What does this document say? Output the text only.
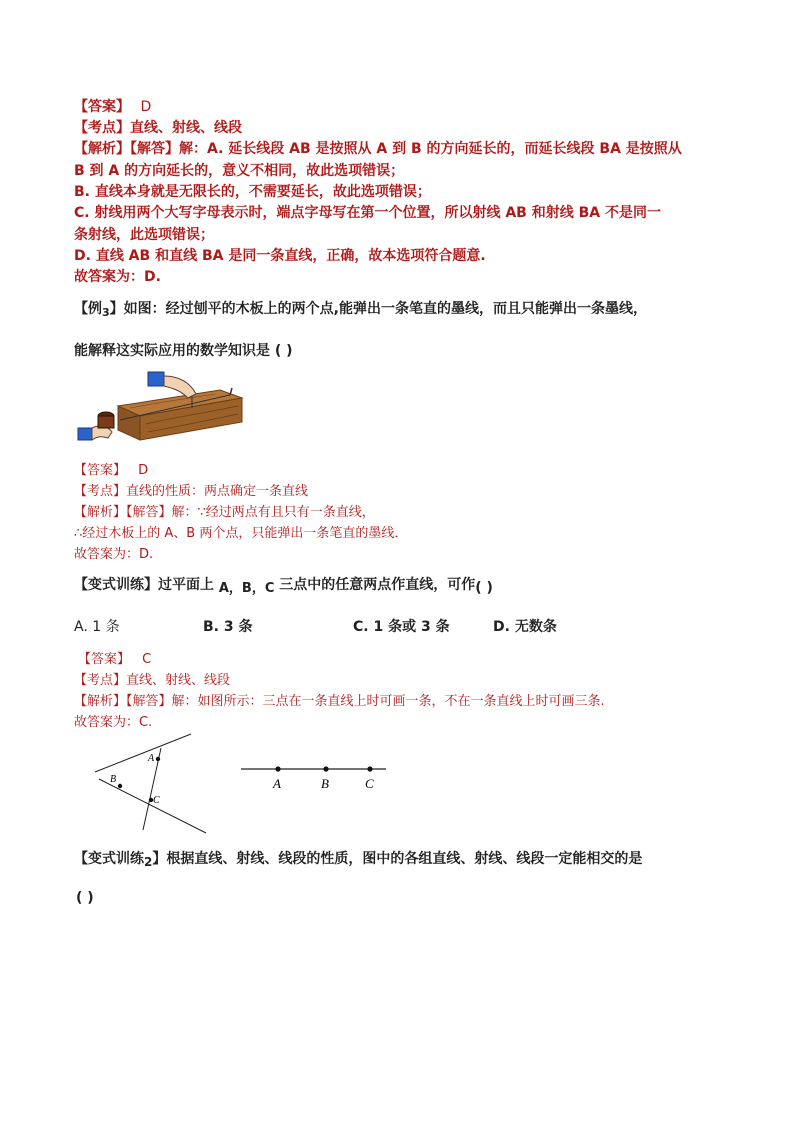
【答案】 D
【考点】直线、射线、线段
【解析】【解答】解：A. 延长线段 AB 是按照从 A 到 B 的方向延长的，而延长线段 BA 是按照从
B 到 A 的方向延长的，意义不相同，故此选项错误；
B. 直线本身就是无限长的，不需要延长，故此选项错误；
C. 射线用两个大写字母表示时，端点字母写在第一个位置，所以射线 AB 和射线 BA 不是同一
条射线，此选项错误；
D. 直线 AB 和直线 BA 是同一条直线，正确，故本选项符合题意.
故答案为：D.
【例$_3$】如图：经过刨平的木板上的两个点,能弹出一条笔直的墨线，而且只能弹出一条墨线，
能解释这实际应用的数学知识是 ( )
【答案】 D
【考点】直线的性质：两点确定一条直线
【解析】【解答】解：∵经过两点有且只有一条直线，
∴经过木板上的 A、B 两个点，只能弹出一条笔直的墨线．
故答案为：D.
【变式训练】过平面上 A，B，C 三点中的任意两点作直线，可作( )
A. 1 条	B. 3 条	C. 1 条或 3 条	D. 无数条
【答案】 C
【考点】直线、射线、线段
【解析】【解答】解：如图所示：三点在一条直线上时可画一条，不在一条直线上时可画三条.
故答案为：C.
A
B
C
A	B	C
【变式训练2】根据直线、射线、线段的性质，图中的各组直线、射线、线段一定能相交的是
( )
